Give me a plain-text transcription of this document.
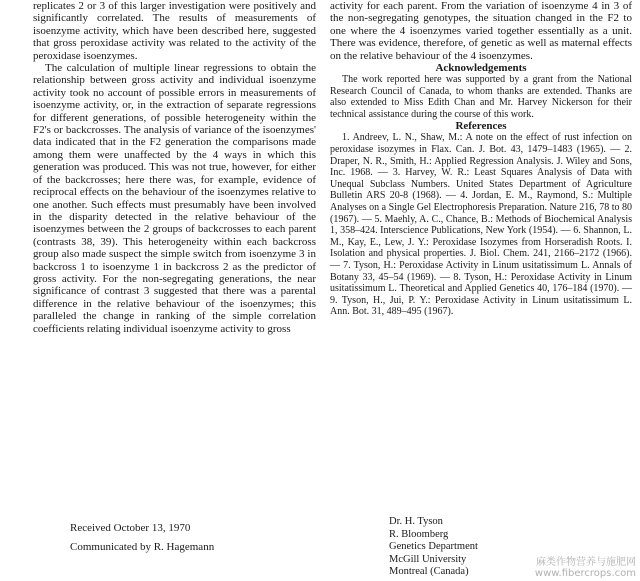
replicates 2 or 3 of this larger investigation were positively and significantly correlated. The results of measurements of isoenzyme activity, which have been described here, suggested that gross peroxidase activity was related to the activity of the peroxidase isoenzymes.

The calculation of multiple linear regressions to obtain the relationship between gross activity and individual isoenzyme activity took no account of possible errors in measurements of isoenzyme activity, or, in the extraction of separate regressions for different generations, of possible heterogeneity within the F2's or backcrosses. The analysis of variance of the isoenzymes' data indicated that in the F2 generation the comparisons made among them were unaffected by the 4 ways in which this generation was produced. This was not true, however, for either of the backcrosses; here there was, for example, evidence of reciprocal effects on the behaviour of the isoenzymes relative to one another. Such effects must presumably have been involved in the disparity detected in the relative behaviour of the isoenzymes between the 2 groups of backcrosses to each parent (contrasts 38, 39). This heterogeneity within each backcross group also made suspect the simple switch from isoenzyme 3 in backcross 1 to isoenzyme 1 in backcross 2 as the predictor of gross activity. For the non-segregating generations, the near significance of contrast 3 suggested that there was a parental difference in the relative behaviour of the isoenzymes; this paralleled the change in ranking of the simple correlation coefficients relating individual isoenzyme activity to gross

activity for each parent. From the variation of isoenzyme 4 in 3 of the non-segregating genotypes, the situation changed in the F2 to one where the 4 isoenzymes varied together essentially as a unit. There was evidence, therefore, of genetic as well as maternal effects on the relative behaviour of the 4 isoenzymes.

Acknowledgements

The work reported here was supported by a grant from the National Research Council of Canada, to whom thanks are extended. Thanks are also extended to Miss Edith Chan and Mr. Harvey Nickerson for their technical assistance during the course of this work.

References

1. Andreev, L. N., Shaw, M.: A note on the effect of rust infection on peroxidase isozymes in Flax. Can. J. Bot. 43, 1479–1483 (1965). — 2. Draper, N. R., Smith, H.: Applied Regression Analysis. J. Wiley and Sons, Inc. 1968. — 3. Harvey, W. R.: Least Squares Analysis of Data with Unequal Subclass Numbers. United States Department of Agriculture Bulletin ARS 20-8 (1968). — 4. Jordan, E. M., Raymond, S.: Multiple Analyses on a Single Gel Electrophoresis Preparation. Nature 216, 78 to 80 (1967). — 5. Maehly, A. C., Chance, B.: Methods of Biochemical Analysis 1, 358–424. Interscience Publications, New York (1954). — 6. Shannon, L. M., Kay, E., Lew, J. Y.: Peroxidase Isozymes from Horseradish Roots. I. Isolation and physical properties. J. Biol. Chem. 241, 2166–2172 (1966). — 7. Tyson, H.: Peroxidase Activity in Linum usitatissimum L. Annals of Botany 33, 45–54 (1969). — 8. Tyson, H.: Peroxidase Activity in Linum usitatissimum L. Theoretical and Applied Genetics 40, 176–184 (1970). — 9. Tyson, H., Jui, P. Y.: Peroxidase Activity in Linum usitatissimum L. Ann. Bot. 31, 489–495 (1967).

Received October 13, 1970
Communicated by R. Hagemann
Dr. H. Tyson
R. Bloomberg
Genetics Department
McGill University
Montreal (Canada)
麻类作物营养与施肥网
www.fibercrops.com
